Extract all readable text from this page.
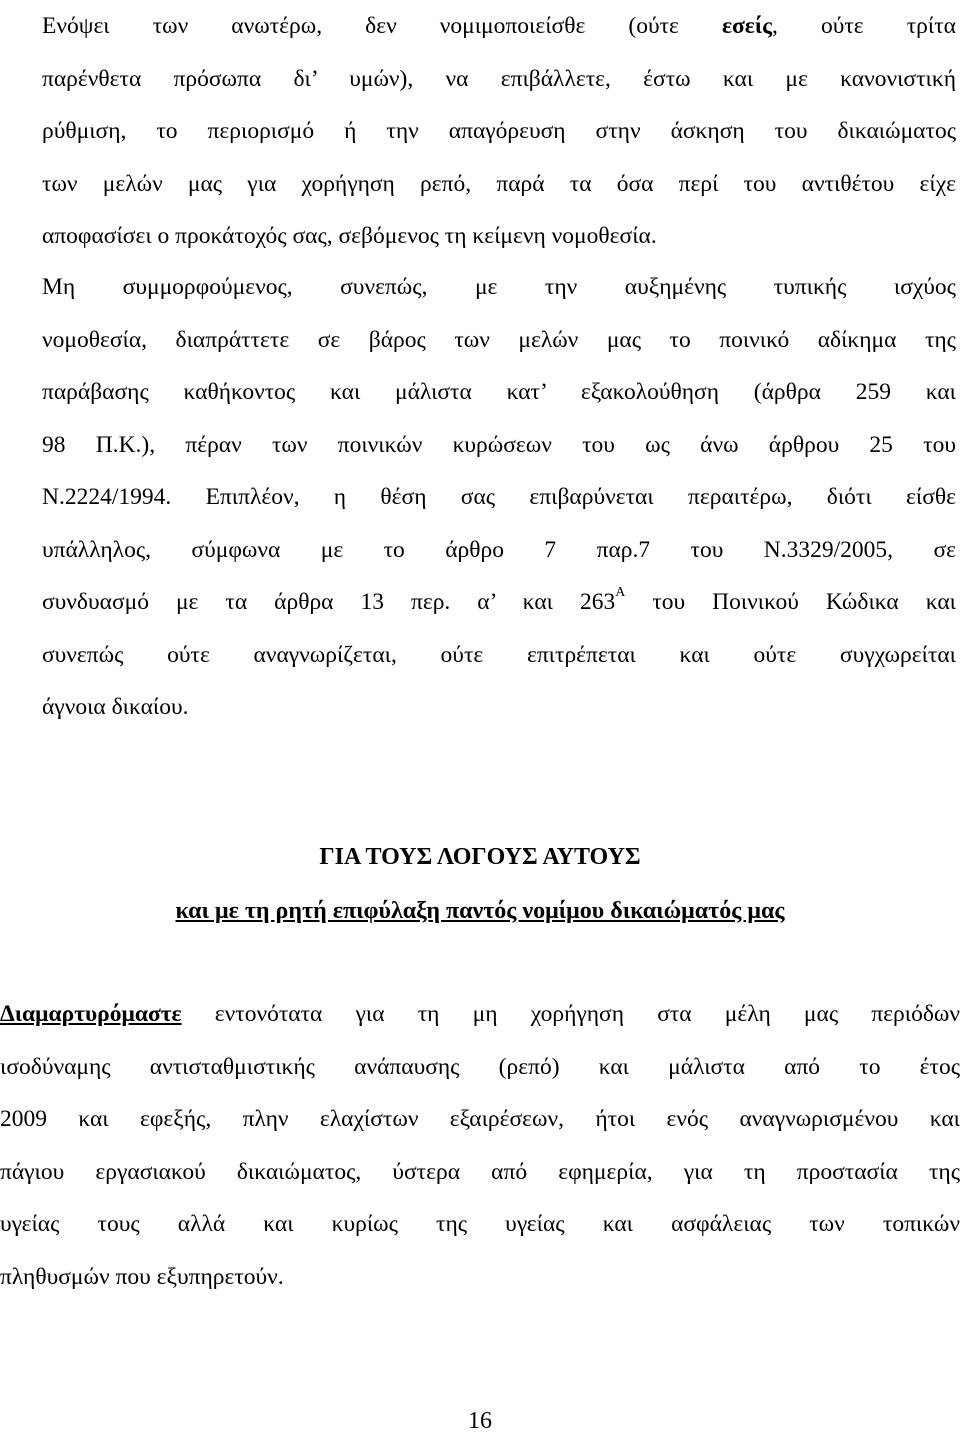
Ενόψει των ανωτέρω, δεν νομιμοποιείσθε (ούτε εσείς, ούτε τρίτα
παρένθετα πρόσωπα δι’ υμών), να επιβάλλετε, έστω και με κανονιστική
ρύθμιση, το περιορισμό ή την απαγόρευση στην άσκηση του δικαιώματος
των μελών μας για χορήγηση ρεπό, παρά τα όσα περί του αντιθέτου είχε
αποφασίσει ο προκάτοχός σας, σεβόμενος τη κείμενη νομοθεσία.
Μη συμμορφούμενος, συνεπώς, με την αυξημένης τυπικής ισχύος
νομοθεσία, διαπράττετε σε βάρος των μελών μας το ποινικό αδίκημα της
παράβασης καθήκοντος και μάλιστα κατ’ εξακολούθηση (άρθρα 259 και
98 Π.Κ.), πέραν των ποινικών κυρώσεων του ως άνω άρθρου 25 του
Ν.2224/1994. Επιπλέον, η θέση σας επιβαρύνεται περαιτέρω, διότι είσθε
υπάλληλος, σύμφωνα με το άρθρο 7 παρ.7 του Ν.3329/2005, σε
συνδυασμό με τα άρθρα 13 περ. α’ και $263^A$ του Ποινικού Κώδικα και
συνεπώς ούτε αναγνωρίζεται, ούτε επιτρέπεται και ούτε συγχωρείται
άγνοια δικαίου.
ΓΙΑ ΤΟΥΣ ΛΟΓΟΥΣ ΑΥΤΟΥΣ
και με τη ρητή επιφύλαξη παντός νομίμου δικαιώματός μας
Διαμαρτυρόμαστε εντονότατα για τη μη χορήγηση στα μέλη μας περιόδων
ισοδύναμης αντισταθμιστικής ανάπαυσης (ρεπό) και μάλιστα από το έτος
2009 και εφεξής, πλην ελαχίστων εξαιρέσεων, ήτοι ενός αναγνωρισμένου και
πάγιου εργασιακού δικαιώματος, ύστερα από εφημερία, για τη προστασία της
υγείας τους αλλά και κυρίως της υγείας και ασφάλειας των τοπικών
πληθυσμών που εξυπηρετούν.
16
